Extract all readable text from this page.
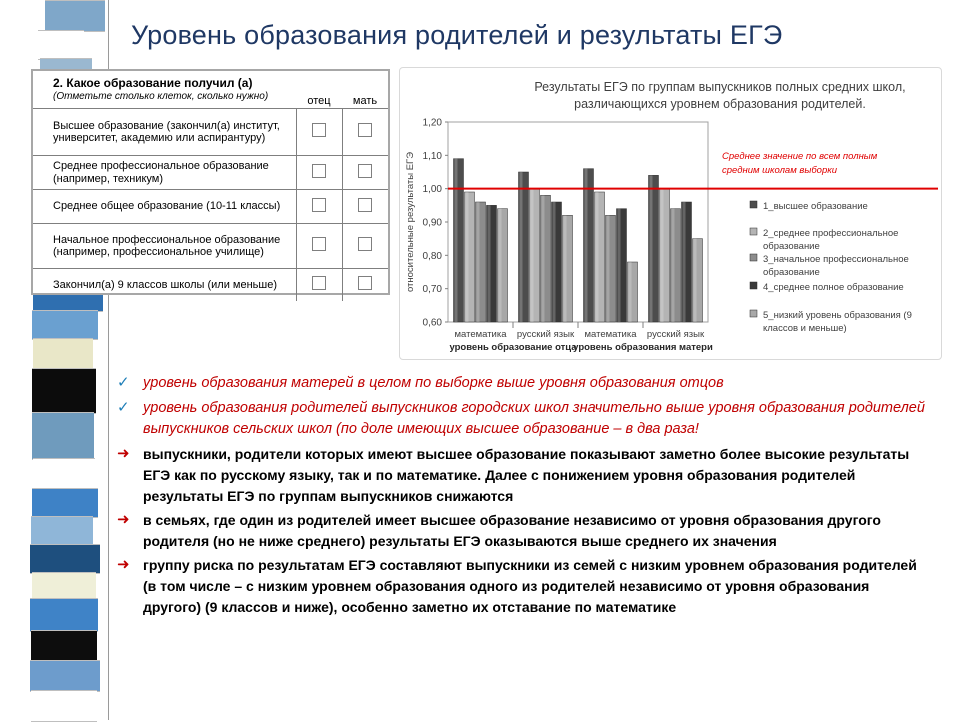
Уровень образования родителей и результаты ЕГЭ
2. Какое образование получил (а) (Отметьте столько клеток, сколько нужно)	отец	мать
Высшее образование (закончил(а) институт, университет, академию или аспирантуру)		
Среднее профессиональное образование (например, техникум)		
Среднее общее образование (10-11 классы)		
Начальное профессиональное образование (например, профессиональное училище)		
Закончил(а) 9 классов школы (или меньше)		
Результаты ЕГЭ по группам выпускников полных средних школ,
различающихся уровнем образования родителей.
0,60
0,70
0,80
0,90
1,00
1,10
1,20
относительные результаты ЕГЭ
математика русский язык математика русский язык
уровень образование отца
уровень образования матери
Среднее значение по всем полным
средним школам выборки
1_высшее образование
2_среднее профессиональное
образование
3_начальное профессиональное
образование
4_среднее полное образование
5_низкий уровень образования (9
классов и меньше)
✓ уровень образования матерей в целом по выборке выше уровня образования отцов
✓ уровень образования родителей выпускников городских школ значительно выше уровня образования родителей выпускников сельских школ (по доле имеющих высшее образование – в два раза!
➜ выпускники, родители которых имеют высшее образование показывают заметно более высокие результаты ЕГЭ как по русскому языку, так и по математике. Далее с понижением уровня образования родителей результаты ЕГЭ по группам выпускников снижаются
➜ в семьях, где один из родителей имеет высшее образование независимо от уровня образования другого родителя (но не ниже среднего) результаты ЕГЭ оказываются выше среднего их значения
➜ группу риска по результатам ЕГЭ составляют выпускники из семей с низким уровнем образования родителей (в том числе – с низким уровнем образования одного из родителей независимо от уровня образования другого) (9 классов и ниже), особенно заметно их отставание по математике
